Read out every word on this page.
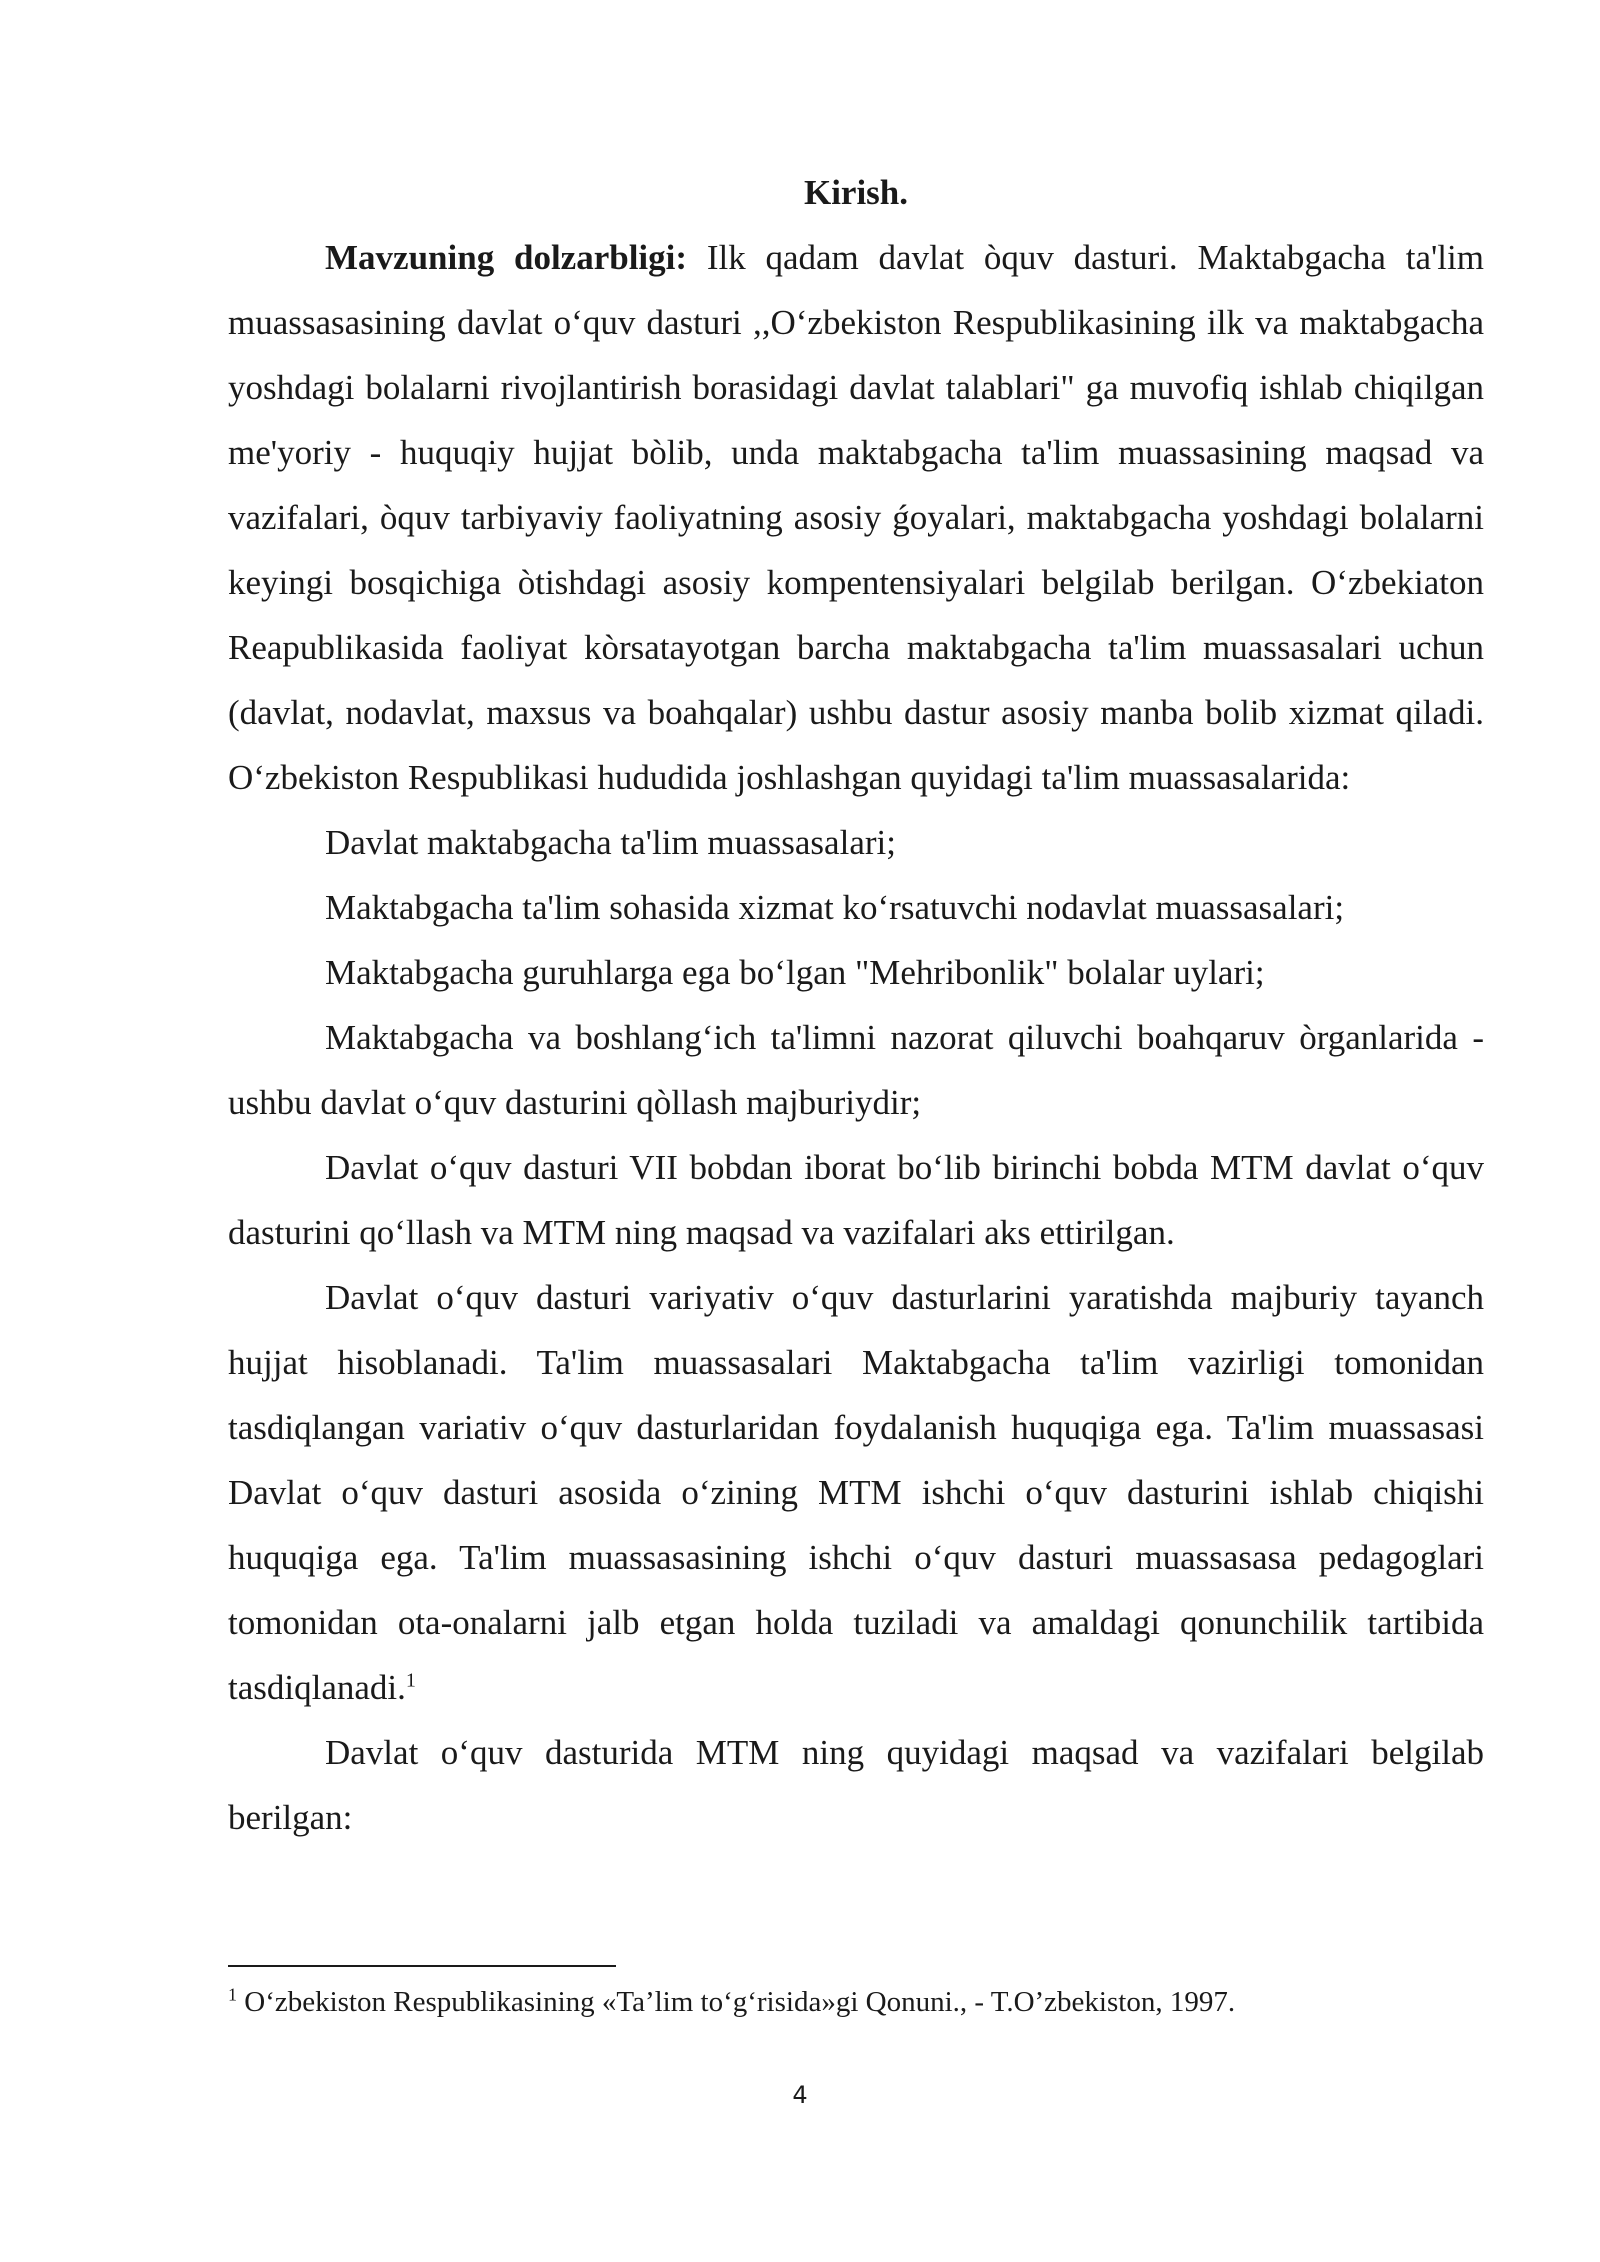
Kirish.

Mavzuning dolzarbligi: Ilk qadam davlat òquv dasturi. Maktabgacha ta'lim muassasasining davlat o‘quv dasturi ,,O‘zbekiston Respublikasining ilk va maktabgacha yoshdagi bolalarni rivojlantirish borasidagi davlat talablari" ga muvofiq ishlab chiqilgan me'yoriy - huquqiy hujjat bòlib, unda maktabgacha ta'lim muassasining maqsad va vazifalari, òquv tarbiyaviy faoliyatning asosiy ǵoyalari, maktabgacha yoshdagi bolalarni keyingi bosqichiga òtishdagi asosiy kompentensiyalari belgilab berilgan. O‘zbekiaton Reapublikasida faoliyat kòrsatayotgan barcha maktabgacha ta'lim muassasalari uchun (davlat, nodavlat, maxsus va boahqalar) ushbu dastur asosiy manba bolib xizmat qiladi. O‘zbekiston Respublikasi hududida joshlashgan quyidagi ta'lim muassasalarida:

Davlat maktabgacha ta'lim muassasalari;

Maktabgacha ta'lim sohasida xizmat ko‘rsatuvchi nodavlat muassasalari;

Maktabgacha guruhlarga ega bo‘lgan "Mehribonlik" bolalar uylari;

Maktabgacha va boshlang‘ich ta'limni nazorat qiluvchi boahqaruv òrganlarida - ushbu davlat o‘quv dasturini qòllash majburiydir;

Davlat o‘quv dasturi VII bobdan iborat bo‘lib birinchi bobda MTM davlat o‘quv dasturini qo‘llash va MTM ning maqsad va vazifalari aks ettirilgan.

Davlat o‘quv dasturi variyativ o‘quv dasturlarini yaratishda majburiy tayanch hujjat hisoblanadi. Ta'lim muassasalari Maktabgacha ta'lim vazirligi tomonidan tasdiqlangan variativ o‘quv dasturlaridan foydalanish huquqiga ega. Ta'lim muassasasi Davlat o‘quv dasturi asosida o‘zining MTM ishchi o‘quv dasturini ishlab chiqishi huquqiga ega. Ta'lim muassasasining ishchi o‘quv dasturi muassasasa pedagoglari tomonidan ota-onalarni jalb etgan holda tuziladi va amaldagi qonunchilik tartibida tasdiqlanadi.$^1$

Davlat o‘quv dasturida MTM ning quyidagi maqsad va vazifalari belgilab berilgan:

$^1$ O‘zbekiston Respublikasining «Ta’lim to‘g‘risida»gi Qonuni., - T.O’zbekiston, 1997.

4
